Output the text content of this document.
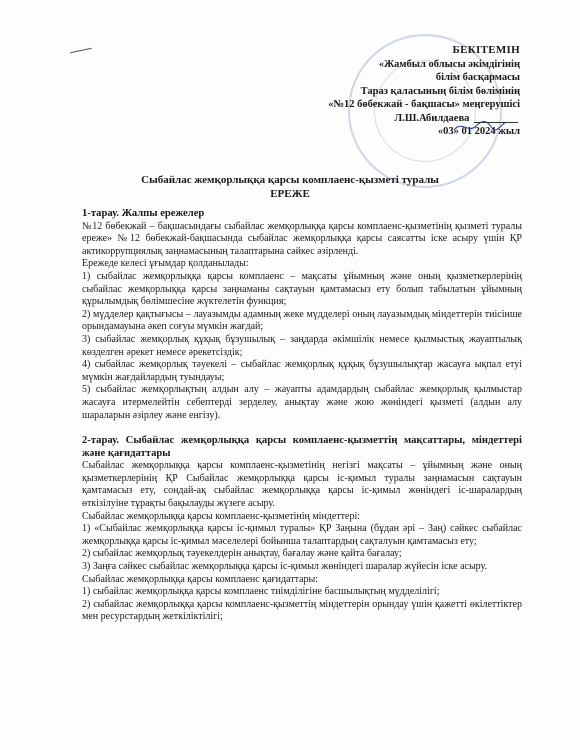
БЕКІТЕМІН
«Жамбыл облысы әкімдігінің
білім басқармасы
Тараз қаласының білім бөлімінің
«№12 бөбекжай - бақшасы» меңгерушісі
Л.Ш.Абилдаева
«03» 01 2024 жыл
Сыбайлас жемқорлыққа қарсы комплаенс-қызметі туралы
ЕРЕЖЕ

1-тарау. Жалпы ережелер

№12 бөбекжай – бақшасындағы сыбайлас жемқорлыққа қарсы комплаенс-қызметінің қызметі туралы ереже» №12 бөбекжай-бақшасында сыбайлас жемқорлыққа қарсы саясатты іске асыру үшін ҚР актикоррупциялық заңнамасының талаптарына сәйкес әзірленді.

Ережеде келесі ұғымдар қолданылады:

1) сыбайлас жемқорлыққа қарсы комплаенс – мақсаты ұйымның және оның қызметкерлерінің сыбайлас жемқорлыққа қарсы заңнаманы сақтауын қамтамасыз ету болып табылатын ұйымның құрылымдық бөлімшесіне жүктелетін функция;

2) мүдделер қақтығысы – лауазымды адамның жеке мүдделері оның лауазымдық міндеттерін тиісінше орындамауына әкеп соғуы мүмкін жағдай;

3) сыбайлас жемқорлық құқық бұзушылық – заңдарда әкімшілік немесе қылмыстық жауаптылық көзделген әрекет немесе әрекетсіздік;

4) сыбайлас жемқорлық тәуекелі – сыбайлас жемқорлық құқық бұзушылықтар жасауға ықпал етуі мүмкін жағдайлардың туындауы;

5) сыбайлас жемқорлықтың алдын алу – жауапты адамдардың сыбайлас жемқорлық қылмыстар жасауға итермелейтін себептерді зерделеу, анықтау және жою жөніндегі қызметі (алдын алу шараларын әзірлеу және енгізу).

2-тарау. Сыбайлас жемқорлыққа қарсы комплаенс-қызметтің мақсаттары, міндеттері және қағидаттары

Сыбайлас жемқорлыққа қарсы комплаенс-қызметінің негізгі мақсаты – ұйымның және оның қызметкерлерінің ҚР Сыбайлас жемқорлыққа қарсы іс-қимыл туралы заңнамасын сақтауын қамтамасыз ету, сондай-ақ сыбайлас жемқорлыққа қарсы іс-қимыл жөніндегі іс-шаралардың өткізілуіне тұрақты бақылауды жүзеге асыру.

Сыбайлас жемқорлыққа қарсы комплаенс-қызметінің міндеттері:

1) «Сыбайлас жемқорлыққа қарсы іс-қимыл туралы» ҚР Заңына (бұдан әрі – Заң) сәйкес сыбайлас жемқорлыққа қарсы іс-қимыл мәселелері бойынша талаптардың сақталуын қамтамасыз ету;

2) сыбайлас жемқорлық тәуекелдерін анықтау, бағалау және қайта бағалау;

3) Заңға сәйкес сыбайлас жемқорлыққа қарсы іс-қимыл жөніндегі шаралар жүйесін іске асыру.

Сыбайлас жемқорлыққа қарсы комплаенс қағидаттары:

1) сыбайлас жемқорлыққа қарсы комплаенс тиімділігіне басшылықтың мүдделілігі;

2) сыбайлас жемқорлыққа қарсы комплаенс-қызметтің міндеттерін орындау үшін қажетті өкілеттіктер мен ресурстардың жеткіліктілігі;
